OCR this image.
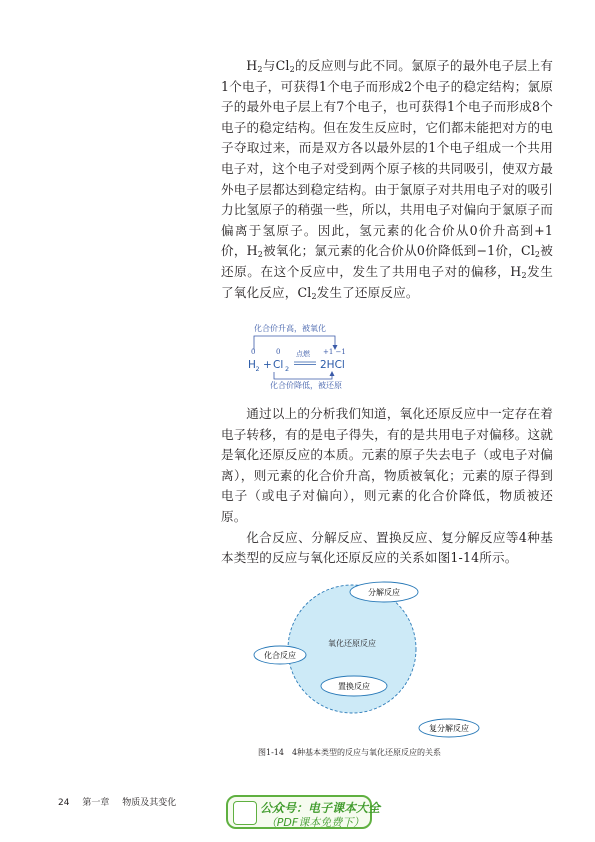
$H_2$与$Cl_2$的反应则与此不同。氯原子的最外电子层上有1个电子，可获得1个电子而形成2个电子的稳定结构；氯原子的最外电子层上有7个电子，也可获得1个电子而形成8个电子的稳定结构。但在发生反应时，它们都未能把对方的电子夺取过来，而是双方各以最外层的1个电子组成一个共用电子对，这个电子对受到两个原子核的共同吸引，使双方最外电子层都达到稳定结构。由于氯原子对共用电子对的吸引力比氢原子的稍强一些，所以，共用电子对偏向于氯原子而偏离于氢原子。因此，氢元素的化合价从0价升高到+1价，$H_2$被氧化；氯元素的化合价从0价降低到−1价，$Cl_2$被还原。在这个反应中，发生了共用电子对的偏移，$H_2$发生了氧化反应，$Cl_2$发生了还原反应。

化合价升高，被氧化
0	0	+1 −1
点燃
H 2 + Cl 2	2HCl
化合价降低，被还原

通过以上的分析我们知道，氧化还原反应中一定存在着电子转移，有的是电子得失，有的是共用电子对偏移。这就是氧化还原反应的本质。元素的原子失去电子（或电子对偏离），则元素的化合价升高，物质被氧化；元素的原子得到电子（或电子对偏向），则元素的化合价降低，物质被还原。

化合反应、分解反应、置换反应、复分解反应等4种基本类型的反应与氧化还原反应的关系如图1-14所示。

氧化还原反应
分解反应
化合反应
置换反应
复分解反应
图1-14　4种基本类型的反应与氧化还原反应的关系
24 第一章 物质及其变化	公众号：电子课本大全
（PDF课本免费下）
